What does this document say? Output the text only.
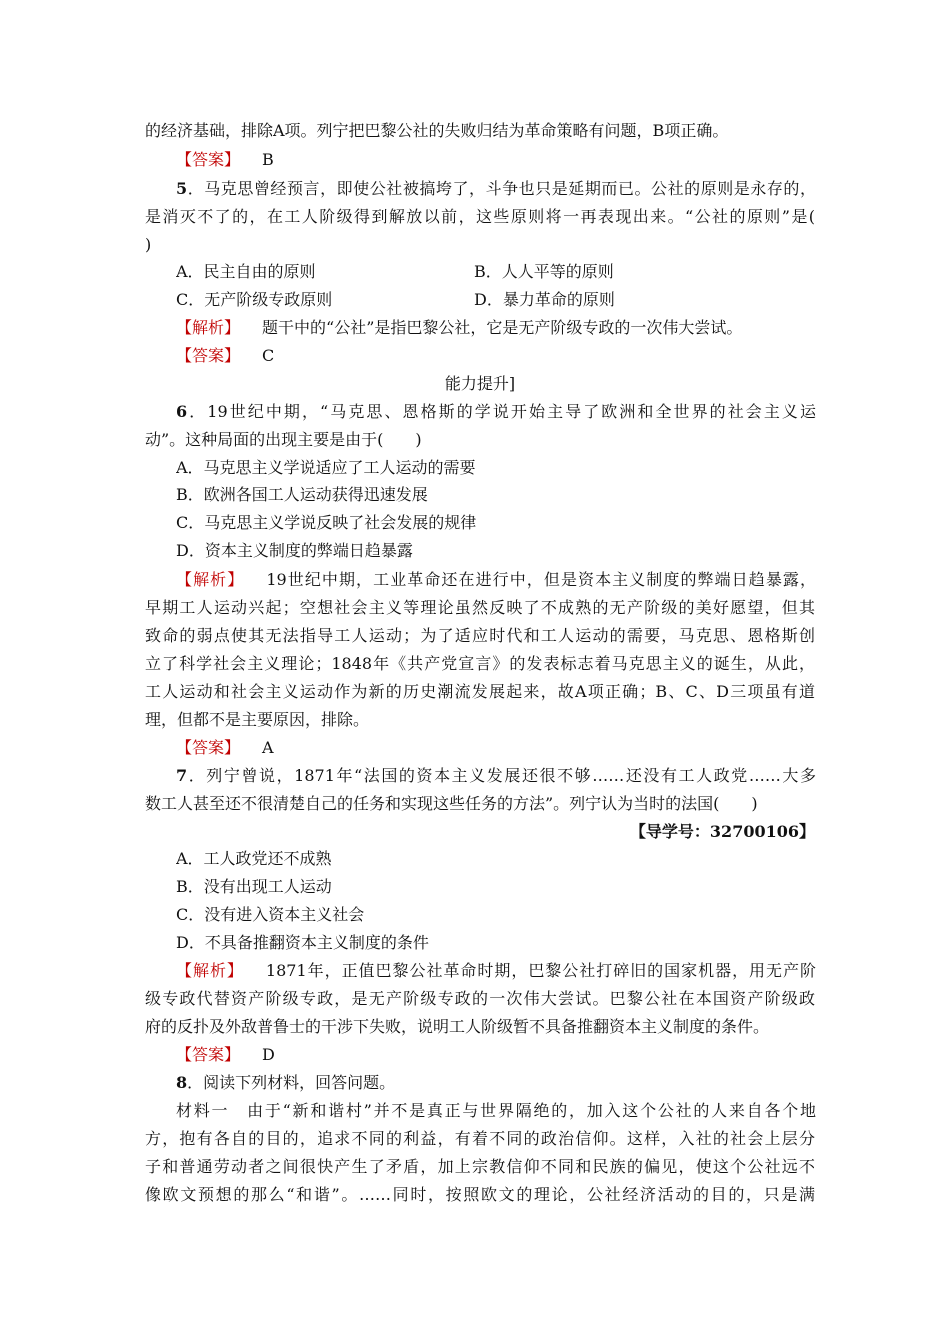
的经济基础，排除A项。列宁把巴黎公社的失败归结为革命策略有问题，B项正确。
【答案】 B
5．马克思曾经预言，即使公社被搞垮了，斗争也只是延期而已。公社的原则是永存的，
是消灭不了的，在工人阶级得到解放以前，这些原则将一再表现出来。“公社的原则”是(
)
A．民主自由的原则	B．人人平等的原则
C．无产阶级专政原则	D．暴力革命的原则
【解析】 题干中的“公社”是指巴黎公社，它是无产阶级专政的一次伟大尝试。
【答案】 C
能力提升]
6．19世纪中期，“马克思、恩格斯的学说开始主导了欧洲和全世界的社会主义运
动”。这种局面的出现主要是由于(　　)
A．马克思主义学说适应了工人运动的需要
B．欧洲各国工人运动获得迅速发展
C．马克思主义学说反映了社会发展的规律
D．资本主义制度的弊端日趋暴露
【解析】 19世纪中期，工业革命还在进行中，但是资本主义制度的弊端日趋暴露，
早期工人运动兴起；空想社会主义等理论虽然反映了不成熟的无产阶级的美好愿望，但其
致命的弱点使其无法指导工人运动；为了适应时代和工人运动的需要，马克思、恩格斯创
立了科学社会主义理论；1848年《共产党宣言》的发表标志着马克思主义的诞生，从此，
工人运动和社会主义运动作为新的历史潮流发展起来，故A项正确；B、C、D三项虽有道
理，但都不是主要原因，排除。
【答案】 A
7．列宁曾说，1871年“法国的资本主义发展还很不够……还没有工人政党……大多
数工人甚至还不很清楚自己的任务和实现这些任务的方法”。列宁认为当时的法国(　　)
【导学号：32700106】
A．工人政党还不成熟
B．没有出现工人运动
C．没有进入资本主义社会
D．不具备推翻资本主义制度的条件
【解析】 1871年，正值巴黎公社革命时期，巴黎公社打碎旧的国家机器，用无产阶
级专政代替资产阶级专政，是无产阶级专政的一次伟大尝试。巴黎公社在本国资产阶级政
府的反扑及外敌普鲁士的干涉下失败，说明工人阶级暂不具备推翻资本主义制度的条件。
【答案】 D
8．阅读下列材料，回答问题。
材料一　由于“新和谐村”并不是真正与世界隔绝的，加入这个公社的人来自各个地
方，抱有各自的目的，追求不同的利益，有着不同的政治信仰。这样，入社的社会上层分
子和普通劳动者之间很快产生了矛盾，加上宗教信仰不同和民族的偏见，使这个公社远不
像欧文预想的那么“和谐”。……同时，按照欧文的理论，公社经济活动的目的，只是满
